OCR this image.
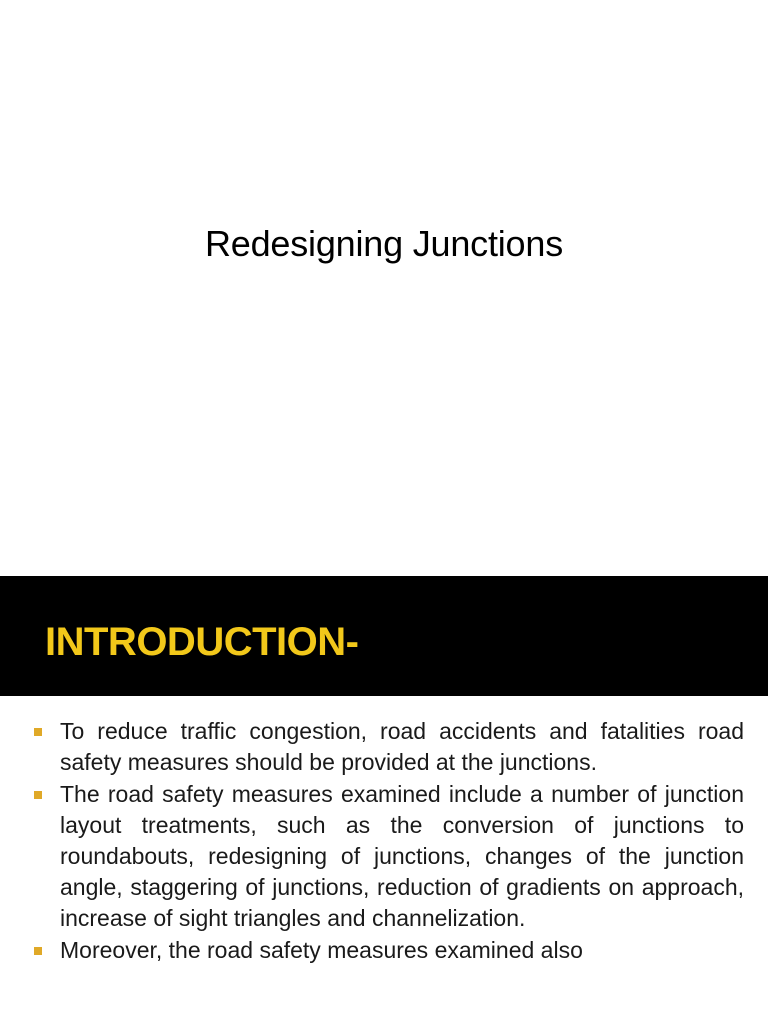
Redesigning Junctions
INTRODUCTION-
To reduce traffic congestion, road accidents and fatalities road safety measures should be provided at the junctions.
The road safety measures examined include a number of junction layout treatments, such as the conversion of junctions to roundabouts, redesigning of junctions, changes of the junction angle, staggering of junctions, reduction of gradients on approach, increase of sight triangles and channelization.
Moreover, the road safety measures examined also
